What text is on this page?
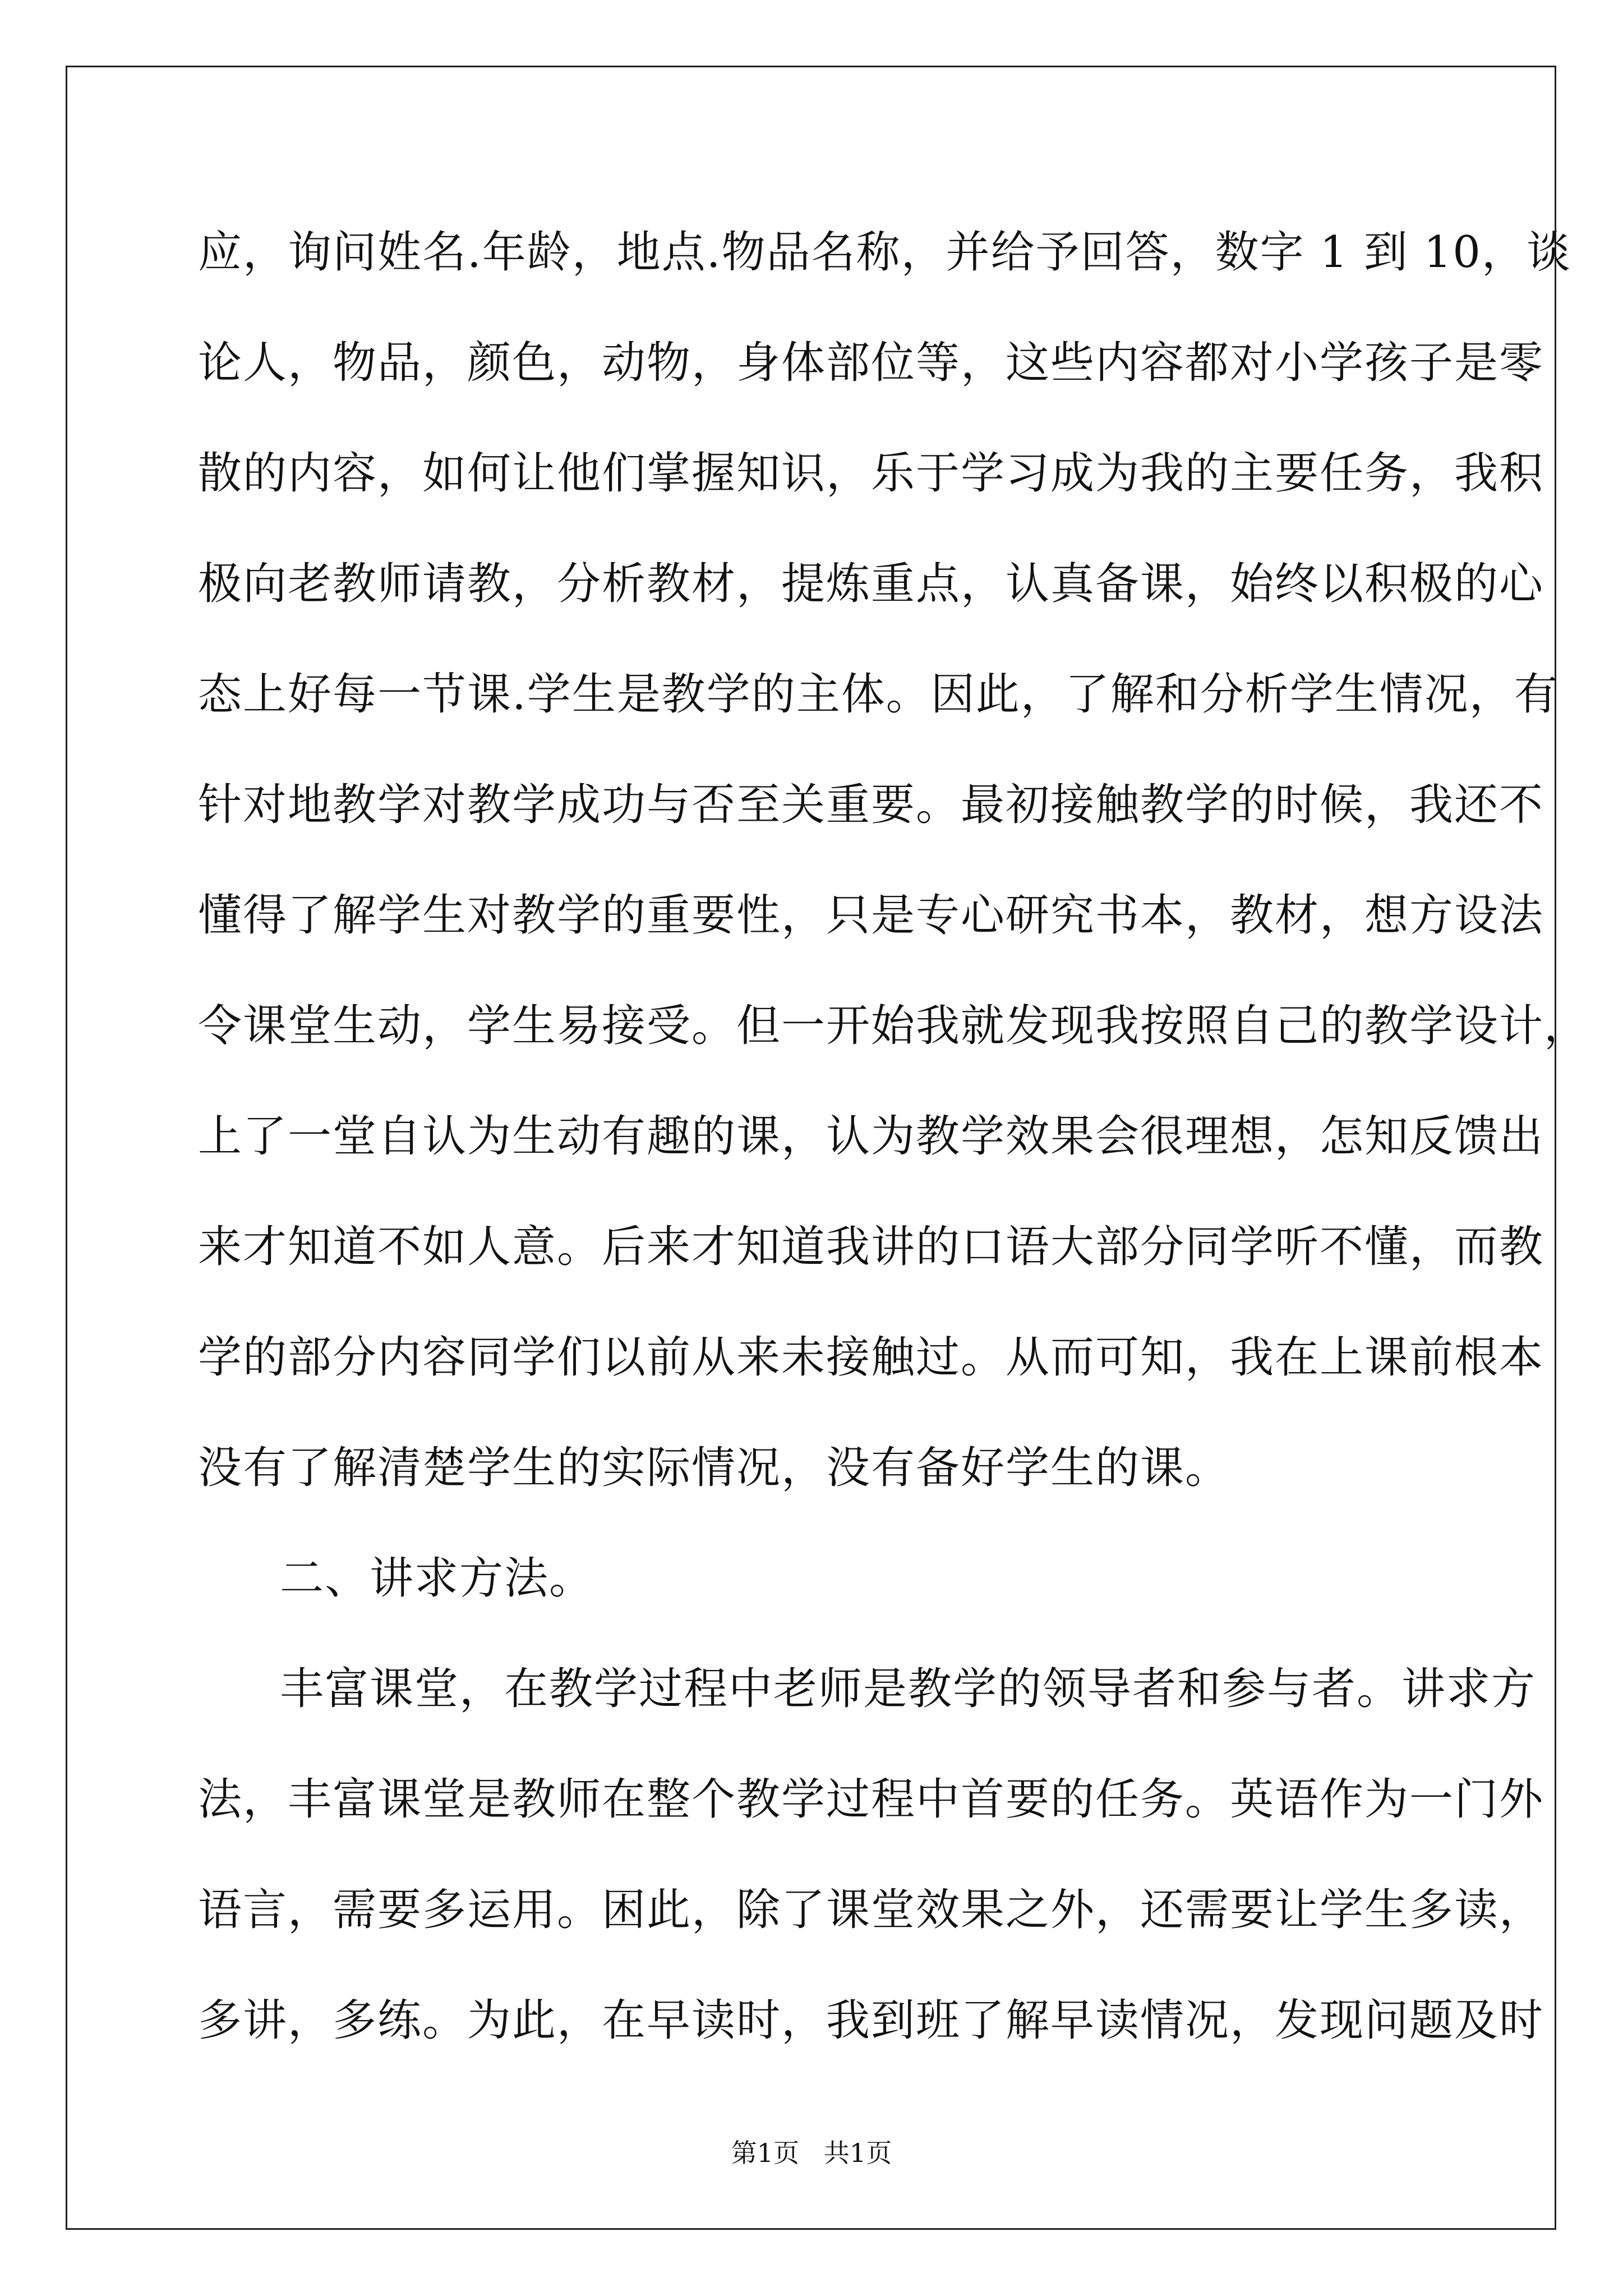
应，询问姓名.年龄，地点.物品名称，并给予回答，数字 1 到 10，谈
论人，物品，颜色，动物，身体部位等，这些内容都对小学孩子是零
散的内容，如何让他们掌握知识，乐于学习成为我的主要任务，我积
极向老教师请教，分析教材，提炼重点，认真备课，始终以积极的心
态上好每一节课.学生是教学的主体。因此，了解和分析学生情况，有
针对地教学对教学成功与否至关重要。最初接触教学的时候，我还不
懂得了解学生对教学的重要性，只是专心研究书本，教材，想方设法
令课堂生动，学生易接受。但一开始我就发现我按照自己的教学设计，
上了一堂自认为生动有趣的课，认为教学效果会很理想，怎知反馈出
来才知道不如人意。后来才知道我讲的口语大部分同学听不懂，而教
学的部分内容同学们以前从来未接触过。从而可知，我在上课前根本
没有了解清楚学生的实际情况，没有备好学生的课。
二、讲求方法。
丰富课堂，在教学过程中老师是教学的领导者和参与者。讲求方
法，丰富课堂是教师在整个教学过程中首要的任务。英语作为一门外
语言，需要多运用。困此，除了课堂效果之外，还需要让学生多读，
多讲，多练。为此，在早读时，我到班了解早读情况，发现问题及时
第1页   共1页
